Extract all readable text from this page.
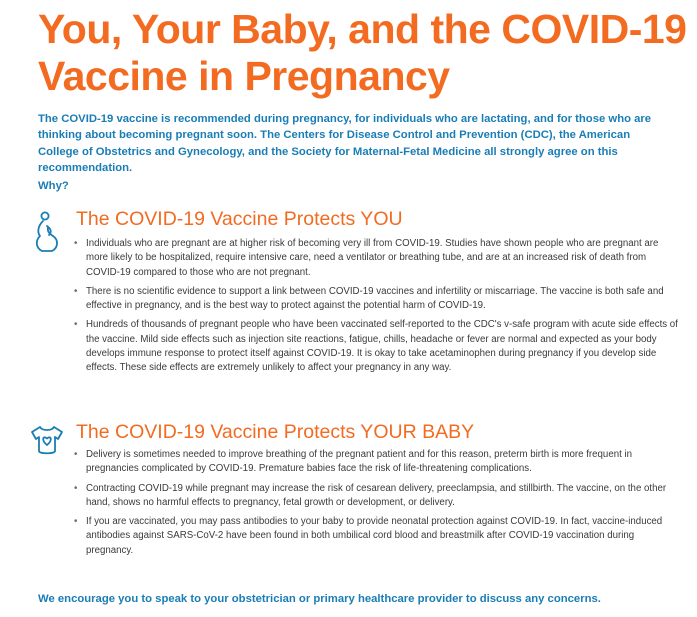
You, Your Baby, and the COVID-19
Vaccine in Pregnancy

The COVID-19 vaccine is recommended during pregnancy, for individuals who are lactating, and for those who are thinking about becoming pregnant soon. The Centers for Disease Control and Prevention (CDC), the American College of Obstetrics and Gynecology, and the Society for Maternal-Fetal Medicine all strongly agree on this recommendation.

Why?

The COVID-19 Vaccine Protects YOU
• Individuals who are pregnant are at higher risk of becoming very ill from COVID-19. Studies have shown people who are pregnant are more likely to be hospitalized, require intensive care, need a ventilator or breathing tube, and are at an increased risk of death from COVID-19 compared to those who are not pregnant.
• There is no scientific evidence to support a link between COVID-19 vaccines and infertility or miscarriage. The vaccine is both safe and effective in pregnancy, and is the best way to protect against the potential harm of COVID-19.
• Hundreds of thousands of pregnant people who have been vaccinated self-reported to the CDC's v-safe program with acute side effects of the vaccine. Mild side effects such as injection site reactions, fatigue, chills, headache or fever are normal and expected as your body develops immune response to protect itself against COVID-19. It is okay to take acetaminophen during pregnancy if you develop side effects. These side effects are extremely unlikely to affect your pregnancy in any way.
The COVID-19 Vaccine Protects YOUR BABY
• Delivery is sometimes needed to improve breathing of the pregnant patient and for this reason, preterm birth is more frequent in pregnancies complicated by COVID-19. Premature babies face the risk of life-threatening complications.
• Contracting COVID-19 while pregnant may increase the risk of cesarean delivery, preeclampsia, and stillbirth. The vaccine, on the other hand, shows no harmful effects to pregnancy, fetal growth or development, or delivery.
• If you are vaccinated, you may pass antibodies to your baby to provide neonatal protection against COVID-19. In fact, vaccine-induced antibodies against SARS-CoV-2 have been found in both umbilical cord blood and breastmilk after COVID-19 vaccination during pregnancy.

We encourage you to speak to your obstetrician or primary healthcare provider to discuss any concerns.
